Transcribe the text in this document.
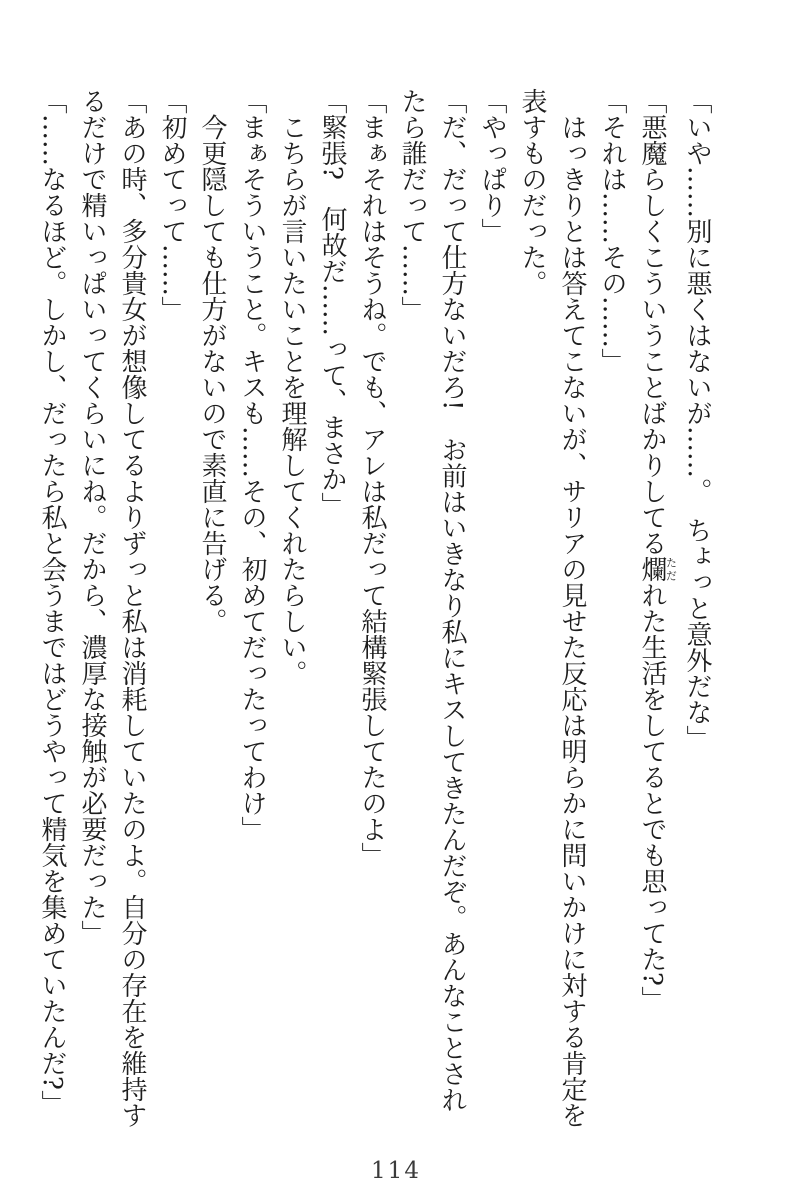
「いや……別に悪くはないが……。　ちょっと意外だな」

「悪魔らしくこういうことばかりしてる爛ただれた生活をしてるとでも思ってた?」

「それは……その……」

はっきりとは答えてこないが、サリアの見せた反応は明らかに問いかけに対する肯定を

表すものだった。

「やっぱり」

「だ、だって仕方ないだろ!　お前はいきなり私にキスしてきたんだぞ。あんなことされ

たら誰だって……」

「まぁそれはそうね。でも、アレは私だって結構緊張してたのよ」

「緊張?　何故だ……って、まさか」

こちらが言いたいことを理解してくれたらしい。

「まぁそういうこと。キスも……その、初めてだったってわけ」

今更隠しても仕方がないので素直に告げる。

「初めてって……」

「あの時、多分貴女が想像してるよりずっと私は消耗していたのよ。自分の存在を維持す

るだけで精いっぱいってくらいにね。だから、濃厚な接触が必要だった」

「……なるほど。しかし、だったら私と会うまではどうやって精気を集めていたんだ?」

114
